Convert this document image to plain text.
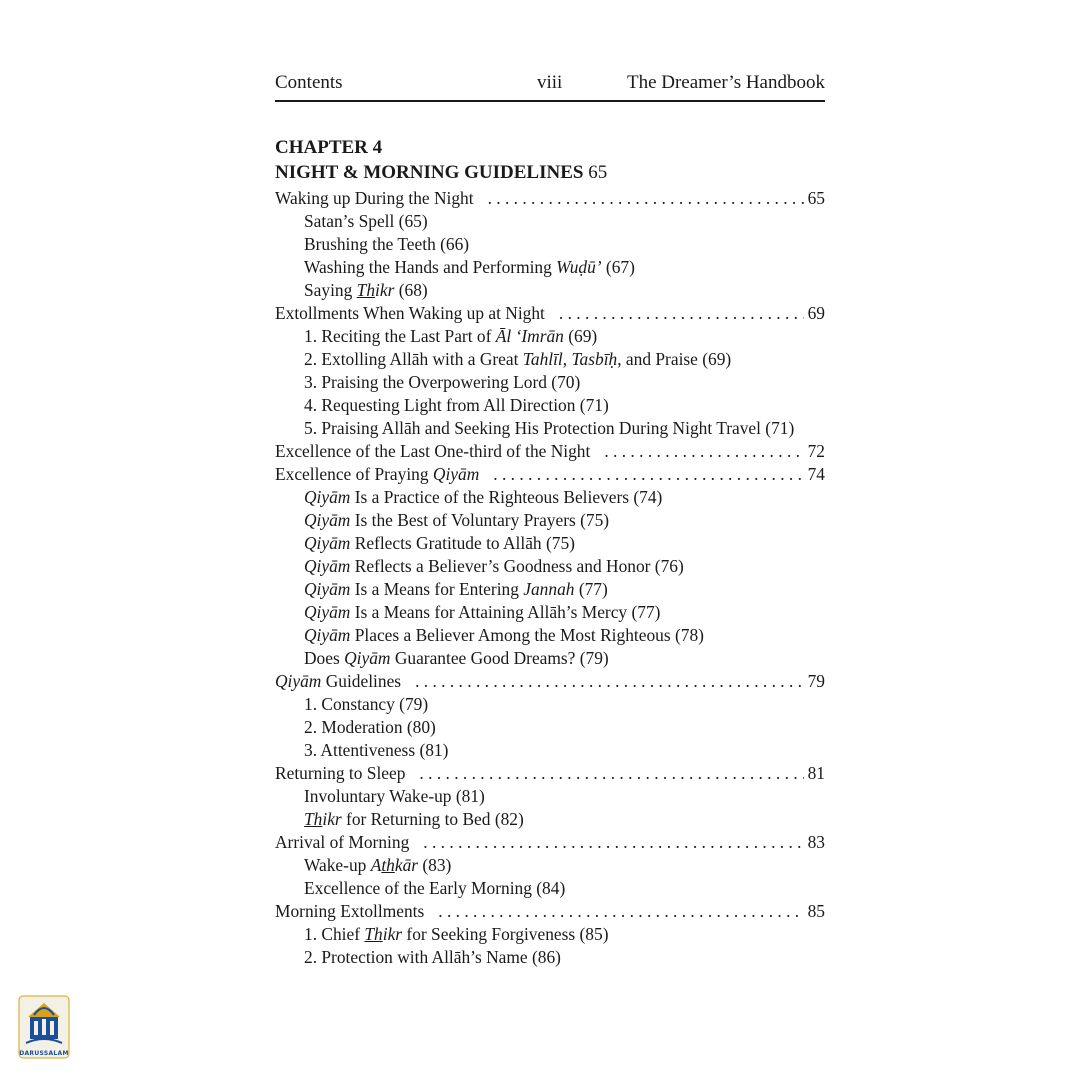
Contents	viii	The Dreamer’s Handbook
CHAPTER 4
NIGHT & MORNING GUIDELINES 65
Waking up During the Night . . .	65
Satan’s Spell (65)
Brushing the Teeth (66)
Washing the Hands and Performing Wuḍū’ (67)
Saying Thikr (68)
Extollments When Waking up at Night . . .	69
1. Reciting the Last Part of Āl ‘Imrān (69)
2. Extolling Allāh with a Great Tahlīl, Tasbīḥ, and Praise (69)
3. Praising the Overpowering Lord (70)
4. Requesting Light from All Direction (71)
5. Praising Allāh and Seeking His Protection During Night Travel (71)
Excellence of the Last One-third of the Night . . .	72
Excellence of Praying Qiyām . . .	74
Qiyām Is a Practice of the Righteous Believers (74)
Qiyām Is the Best of Voluntary Prayers (75)
Qiyām Reflects Gratitude to Allāh (75)
Qiyām Reflects a Believer’s Goodness and Honor (76)
Qiyām Is a Means for Entering Jannah (77)
Qiyām Is a Means for Attaining Allāh’s Mercy (77)
Qiyām Places a Believer Among the Most Righteous (78)
Does Qiyām Guarantee Good Dreams? (79)
Qiyām Guidelines . . .	79
1. Constancy (79)
2. Moderation (80)
3. Attentiveness (81)
Returning to Sleep . . .	81
Involuntary Wake-up (81)
Thikr for Returning to Bed (82)
Arrival of Morning . . .	83
Wake-up Athkār (83)
Excellence of the Early Morning (84)
Morning Extollments . . .	85
1. Chief Thikr for Seeking Forgiveness (85)
2. Protection with Allāh’s Name (86)
DARUSSALAM
